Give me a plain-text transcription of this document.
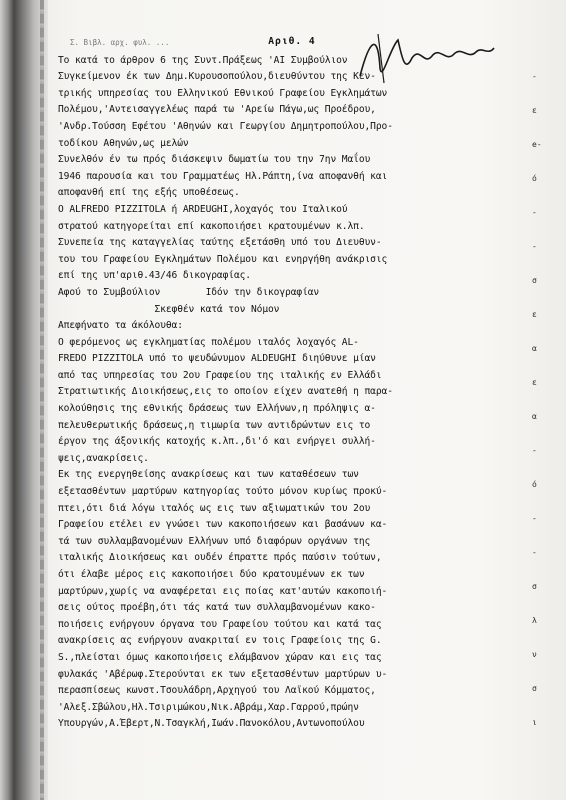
Σ. Βιβλ. αρχ. φυλ. ...	Αριθ. 4
Το κατά το άρθρον 6 της Συντ.Πράξεως 'ΑΙ Συμβούλιον
Συγκείμενον έκ των Δημ.Κυρουσοπούλου,διευθύντου της Κεν-
τρικής υπηρεσίας του Ελληνικού Εθνικού Γραφείου Εγκλημάτων
Πολέμου,'Αντεισαγγελέως παρά τω 'Αρείω Πάγω,ως Προέδρου,
'Ανδρ.Τούσση Εφέτου 'Αθηνών και Γεωργίου Δημητροπούλου,Προ-
τοδίκου Αθηνών,ως μελών
Συνελθόν έν τω πρός διάσκεψιν δωματίω του την 7ην Μαΐου
1946 παρουσία και του Γραμματέως Ηλ.Ράπτη,ίνα αποφανθή και
αποφανθή επί της εξής υποθέσεως.
Ο ALFREDO PIZZITOLA ή ARDEUGHI,λοχαγός του Ιταλικού
στρατού κατηγορείται επί κακοποιήσει κρατουμένων κ.λπ.
Συνεπεία της καταγγελίας ταύτης εξετάσθη υπό του Διευθυν-
του του Γραφείου Εγκλημάτων Πολέμου και ενηργήθη ανάκρισις
επί της υπ'αριθ.43/46 δικογραφίας.
Αφού το Συμβούλιον        Ιδόν την δικογραφίαν
Σκεφθέν κατά τον Νόμον
Απεφήνατο τα άκόλουθα:
Ο φερόμενος ως εγκληματίας πολέμου ιταλός λοχαγός AL-
FREDO PIZZITOLA υπό το ψευδώνυμον ALDEUGHI διηύθυνε μίαν
από τας υπηρεσίας του 2ου Γραφείου της ιταλικής εν Ελλάδι
Στρατιωτικής Διοικήσεως,εις το οποίον είχεν ανατεθή η παρα-
κολούθησις της εθνικής δράσεως των Ελλήνων,η πρόληψις α-
πελευθερωτικής δράσεως,η τιμωρία των αντιδρώντων εις το
έργον της άξονικής κατοχής κ.λπ.,δι'ό και ενήργει συλλή-
ψεις,ανακρίσεις.
Εκ της ενεργηθείσης ανακρίσεως και των καταθέσεων των
εξετασθέντων μαρτύρων κατηγορίας τούτο μόνον κυρίως προκύ-
πτει,ότι διά λόγω ιταλός ως εις των αξιωματικών του 2ου
Γραφείου ετέλει εν γνώσει των κακοποιήσεων και βασάνων κα-
τά των συλλαμβανομένων Ελλήνων υπό διαφόρων οργάνων της
ιταλικής Διοικήσεως και ουδέν έπραττε πρός παύσιν τούτων,
ότι έλαβε μέρος εις κακοποιήσει δύο κρατουμένων εκ των
μαρτύρων,χωρίς να αναφέρεται εις ποίας κατ'αυτών κακοποιή-
σεις ούτος προέβη,ότι τάς κατά των συλλαμβανομένων κακο-
ποιήσεις ενήργουν όργανα του Γραφείου τούτου και κατά τας
ανακρίσεις ας ενήργουν ανακριταί εν τοις Γραφείοις της G.
S.,πλείσται όμως κακοποιήσεις ελάμβανον χώραν και εις τας
φυλακάς 'Αβέρωφ.Στερούνται εκ των εξετασθέντων μαρτύρων υ-
περασπίσεως κωνστ.Τσουλάδρη,Αρχηγού του Λαϊκού Κόμματος,
'Αλεξ.Σβώλου,Ηλ.Τσιριμώκου,Νικ.Αβράμ,Χαρ.Γαρρού,πρώην
Υπουργών,Α.Έβερτ,Ν.Τσαγκλή,Ιωάν.Πανοκόλου,Αντωνοπούλου
-
ε
e-
ό
-
-
σ
ε
α
ε
α
-
ό
-
-
σ
λ
ν
σ
ι
